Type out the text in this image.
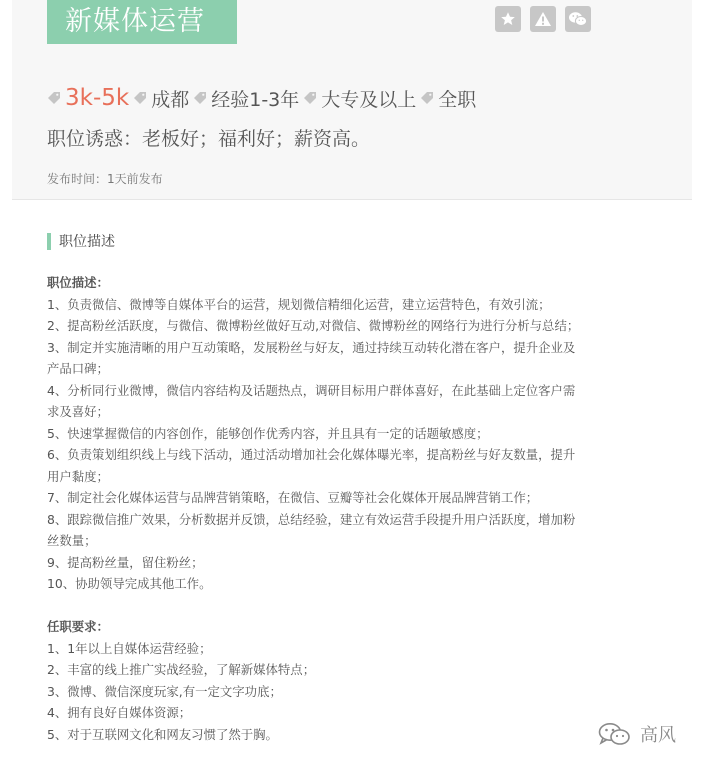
新媒体运营
3k-5k 成都 经验1-3年 大专及以上 全职
职位诱惑：老板好；福利好；薪资高。
发布时间：1天前发布
职位描述
职位描述：
1、负责微信、微博等自媒体平台的运营，规划微信精细化运营，建立运营特色，有效引流；
2、提高粉丝活跃度，与微信、微博粉丝做好互动,对微信、微博粉丝的网络行为进行分析与总结；
3、制定并实施清晰的用户互动策略，发展粉丝与好友，通过持续互动转化潜在客户，提升企业及
产品口碑；
4、分析同行业微博，微信内容结构及话题热点，调研目标用户群体喜好，在此基础上定位客户需
求及喜好；
5、快速掌握微信的内容创作，能够创作优秀内容，并且具有一定的话题敏感度；
6、负责策划组织线上与线下活动，通过活动增加社会化媒体曝光率，提高粉丝与好友数量，提升
用户黏度；
7、制定社会化媒体运营与品牌营销策略，在微信、豆瓣等社会化媒体开展品牌营销工作；
8、跟踪微信推广效果，分析数据并反馈，总结经验，建立有效运营手段提升用户活跃度，增加粉
丝数量；
9、提高粉丝量，留住粉丝；
10、协助领导完成其他工作。
任职要求：
1、1年以上自媒体运营经验；
2、丰富的线上推广实战经验，了解新媒体特点；
3、微博、微信深度玩家,有一定文字功底；
4、拥有良好自媒体资源；
5、对于互联网文化和网友习惯了然于胸。	高风
